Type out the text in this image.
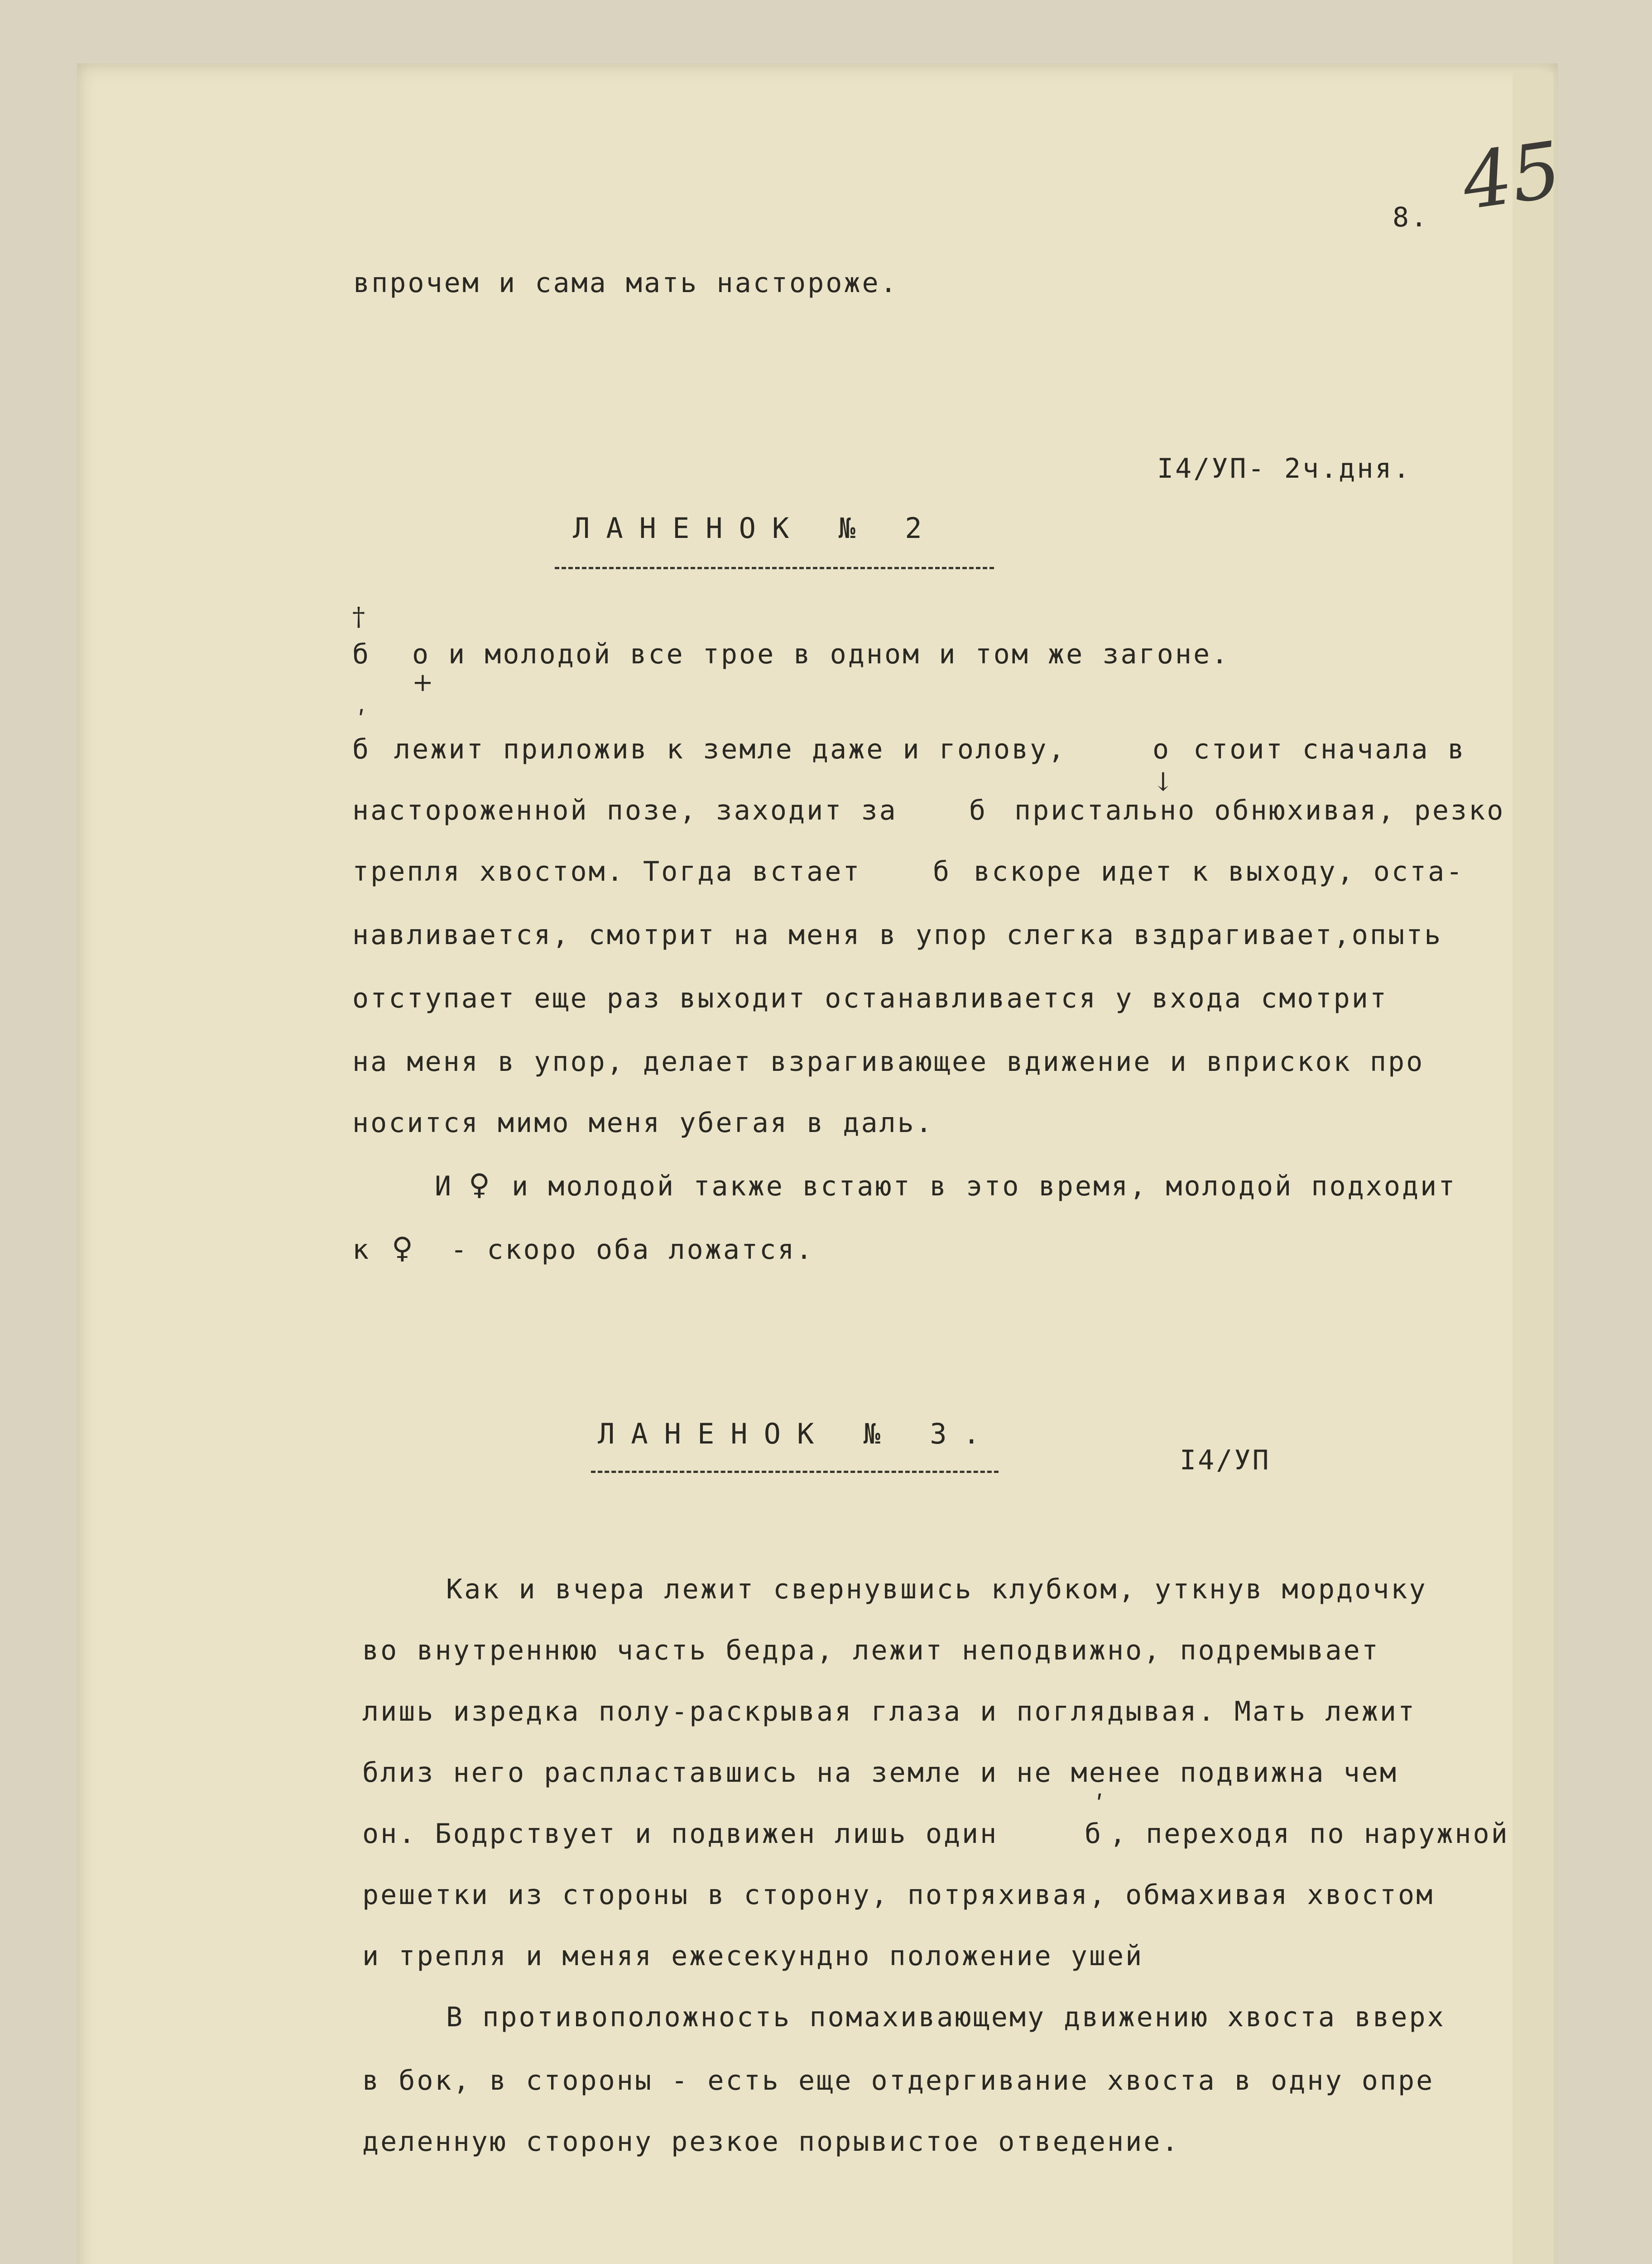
45
8.
впрочем и сама мать настороже.
I4/УП- 2ч.дня.
ЛАНЕНОК № 2
†
б о
+
и молодой все трое в одном и том же загоне.
ʹ
б лежит приложив к земле даже и голову,	о стоит сначала в
настороженной позе, заходит за
↓
б пристально обнюхивая, резко
трепля хвостом. Тогда встает	б вскоре идет к выходу, оста-
навливается, смотрит на меня в упор слегка вздрагивает,опыть
отступает еще раз выходит останавливается у входа смотрит
на меня в упор, делает взрагивающее вдижение и вприскок про
носится мимо меня убегая в даль.
И ♀ и молодой также встают в это время, молодой подходит
к ♀ - скоро оба ложатся.
ЛАНЕНОК № 3.
I4/УП
Как и вчера лежит свернувшись клубком, уткнув мордочку
во внутреннюю часть бедра, лежит неподвижно, подремывает
лишь изредка полу-раскрывая глаза и поглядывая. Мать лежит
близ него распластавшись на земле и не менее подвижна чем
он. Бодрствует и подвижен лишь один
ʹ
б , переходя по наружной
решетки из стороны в сторону, потряхивая, обмахивая хвостом
и трепля и меняя ежесекундно положение ушей
В противоположность помахивающему движению хвоста вверх
в бок, в стороны - есть еще отдергивание хвоста в одну опре
деленную сторону резкое порывистое отведение.
